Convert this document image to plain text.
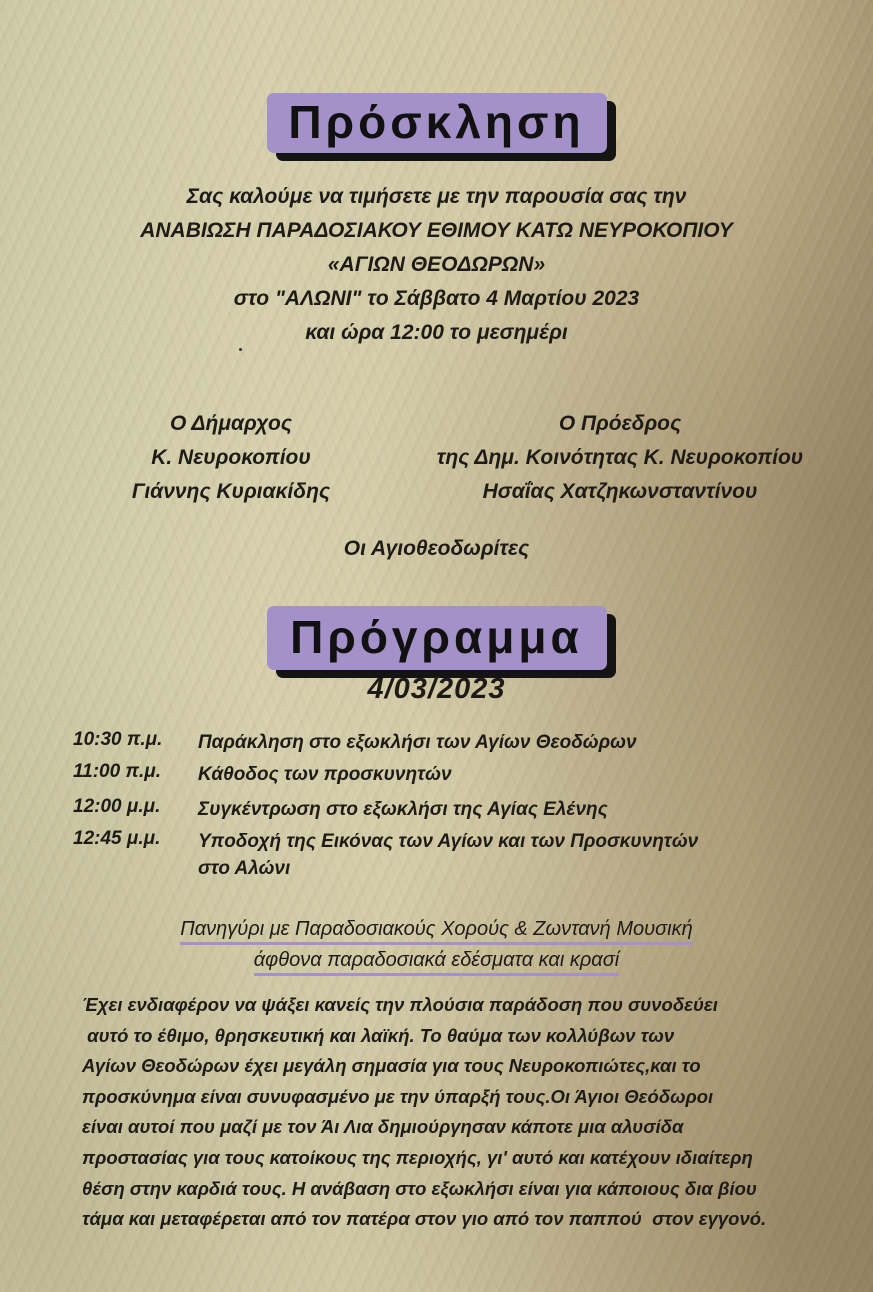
Πρόσκληση
Σας καλούμε να τιμήσετε με την παρουσία σας την
ΑΝΑΒΙΩΣΗ ΠΑΡΑΔΟΣΙΑΚΟΥ ΕΘΙΜΟΥ ΚΑΤΩ ΝΕΥΡΟΚΟΠΙΟΥ
«ΑΓΙΩΝ ΘΕΟΔΩΡΩΝ»
στο "ΑΛΩΝΙ" το Σάββατο 4 Μαρτίου 2023
και ώρα 12:00 το μεσημέρι
Ο Δήμαρχος
Κ. Νευροκοπίου
Γιάννης Κυριακίδης
Ο Πρόεδρος
της Δημ. Κοινότητας Κ. Νευροκοπίου
Ησαΐας Χατζηκωνσταντίνου
Οι Αγιοθεοδωρίτες
Πρόγραμμα
4/03/2023
10:30 π.μ.	Παράκληση στο εξωκλήσι των Αγίων Θεοδώρων
11:00 π.μ.	Κάθοδος των προσκυνητών
12:00 μ.μ.	Συγκέντρωση στο εξωκλήσι της Αγίας Ελένης
12:45 μ.μ.	Υποδοχή της Εικόνας των Αγίων και των Προσκυνητών
στο Αλώνι
Πανηγύρι με Παραδοσιακούς Χορούς & Ζωντανή Μουσική
άφθονα παραδοσιακά εδέσματα και κρασί
Έχει ενδιαφέρον να ψάξει κανείς την πλούσια παράδοση που συνοδεύει
αυτό το έθιμο, θρησκευτική και λαϊκή. Το θαύμα των κολλύβων των
Αγίων Θεοδώρων έχει μεγάλη σημασία για τους Νευροκοπιώτες,και το
προσκύνημα είναι συνυφασμένο με την ύπαρξή τους.Οι Άγιοι Θεόδωροι
είναι αυτοί που μαζί με τον Άι Λια δημιούργησαν κάποτε μια αλυσίδα
προστασίας για τους κατοίκους της περιοχής, γι' αυτό και κατέχουν ιδιαίτερη
θέση στην καρδιά τους. Η ανάβαση στο εξωκλήσι είναι για κάποιους δια βίου
τάμα και μεταφέρεται από τον πατέρα στον γιο από τον παππού  στον εγγονό.
